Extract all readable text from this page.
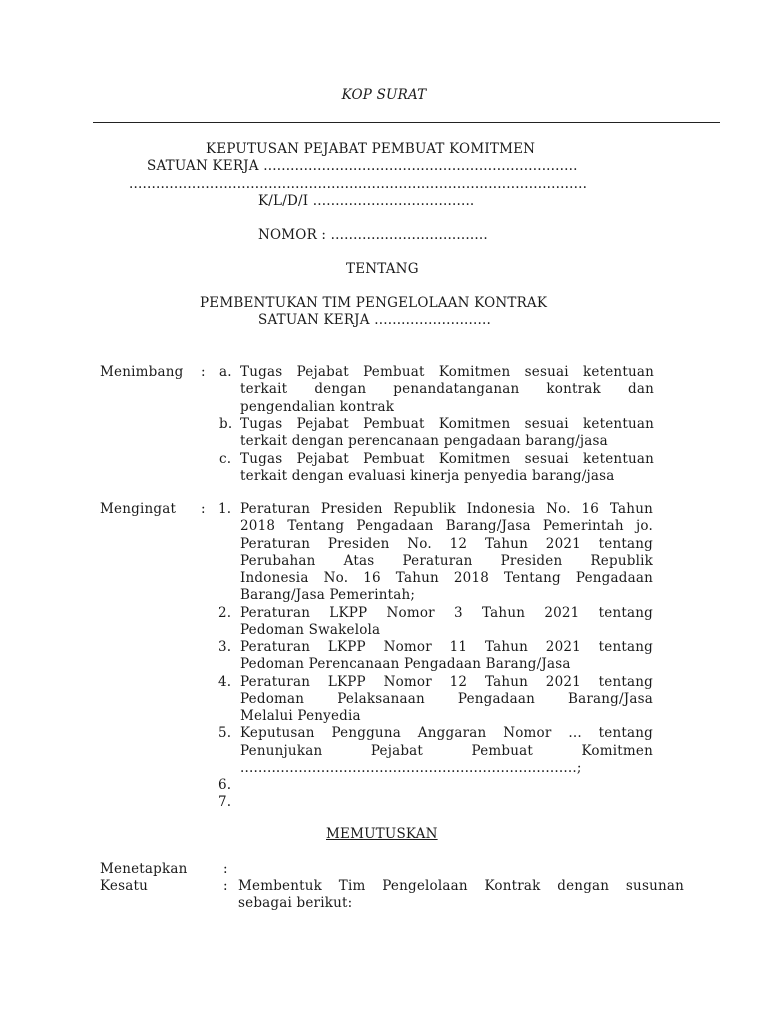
KOP SURAT
KEPUTUSAN PEJABAT PEMBUAT KOMITMEN
SATUAN KERJA ......................................................................
......................................................................................................
K/L/D/I ....................................
NOMOR : ...................................
TENTANG
PEMBENTUKAN TIM PENGELOLAAN KONTRAK
SATUAN KERJA ..........................
Menimbang : a. Tugas Pejabat Pembuat Komitmen sesuai ketentuan
terkait dengan penandatanganan kontrak dan
pengendalian kontrak
b. Tugas Pejabat Pembuat Komitmen sesuai ketentuan
terkait dengan perencanaan pengadaan barang/jasa
c. Tugas Pejabat Pembuat Komitmen sesuai ketentuan
terkait dengan evaluasi kinerja penyedia barang/jasa
Mengingat : 1. Peraturan Presiden Republik Indonesia No. 16 Tahun
2018 Tentang Pengadaan Barang/Jasa Pemerintah jo.
Peraturan Presiden No. 12 Tahun 2021 tentang
Perubahan Atas Peraturan Presiden Republik
Indonesia No. 16 Tahun 2018 Tentang Pengadaan
Barang/Jasa Pemerintah;
2. Peraturan LKPP Nomor 3 Tahun 2021 tentang
Pedoman Swakelola
3. Peraturan LKPP Nomor 11 Tahun 2021 tentang
Pedoman Perencanaan Pengadaan Barang/Jasa
4. Peraturan LKPP Nomor 12 Tahun 2021 tentang
Pedoman Pelaksanaan Pengadaan Barang/Jasa
Melalui Penyedia
5. Keputusan Pengguna Anggaran Nomor ... tentang
Penunjukan Pejabat Pembuat Komitmen
...........................................................................;
6.
7.
MEMUTUSKAN
Menetapkan	:
Kesatu	: Membentuk Tim Pengelolaan Kontrak dengan susunan
sebagai berikut:
